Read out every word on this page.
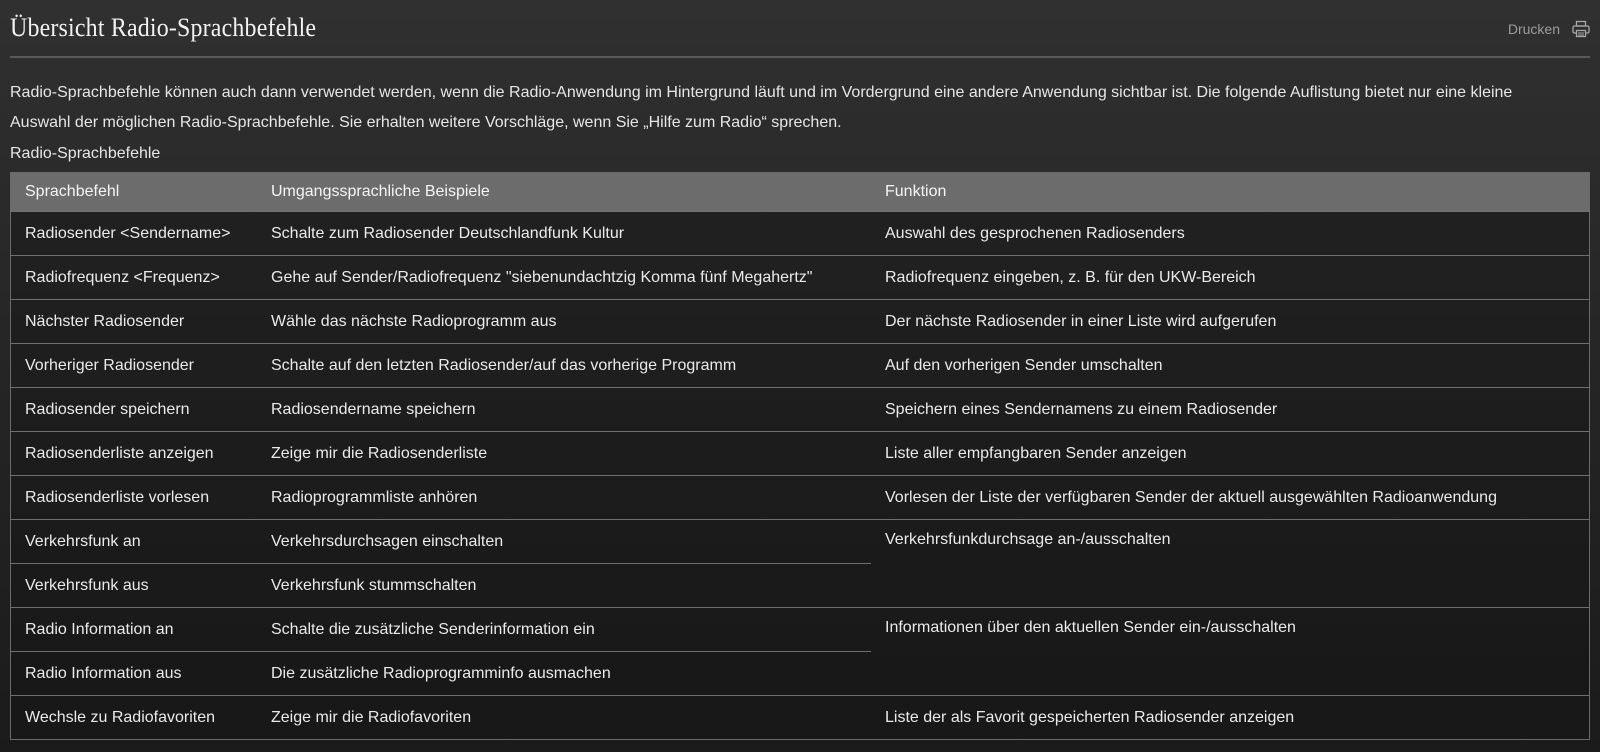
Übersicht Radio-Sprachbefehle	Drucken
Radio-Sprachbefehle können auch dann verwendet werden, wenn die Radio-Anwendung im Hintergrund läuft und im Vordergrund eine andere Anwendung sichtbar ist. Die folgende Auflistung bietet nur eine kleine Auswahl der möglichen Radio-Sprachbefehle. Sie erhalten weitere Vorschläge, wenn Sie „Hilfe zum Radio“ sprechen.
Radio-Sprachbefehle
Sprachbefehl	Umgangssprachliche Beispiele	Funktion
Radiosender <Sendername>	Schalte zum Radiosender Deutschlandfunk Kultur	Auswahl des gesprochenen Radiosenders
Radiofrequenz <Frequenz>	Gehe auf Sender/Radiofrequenz "siebenundachtzig Komma fünf Megahertz"	Radiofrequenz eingeben, z. B. für den UKW-Bereich
Nächster Radiosender	Wähle das nächste Radioprogramm aus	Der nächste Radiosender in einer Liste wird aufgerufen
Vorheriger Radiosender	Schalte auf den letzten Radiosender/auf das vorherige Programm	Auf den vorherigen Sender umschalten
Radiosender speichern	Radiosendername speichern	Speichern eines Sendernamens zu einem Radiosender
Radiosenderliste anzeigen	Zeige mir die Radiosenderliste	Liste aller empfangbaren Sender anzeigen
Radiosenderliste vorlesen	Radioprogrammliste anhören	Vorlesen der Liste der verfügbaren Sender der aktuell ausgewählten Radioanwendung
Verkehrsfunk an	Verkehrsdurchsagen einschalten	Verkehrsfunkdurchsage an-/ausschalten
Verkehrsfunk aus	Verkehrsfunk stummschalten	
Radio Information an	Schalte die zusätzliche Senderinformation ein	Informationen über den aktuellen Sender ein-/ausschalten
Radio Information aus	Die zusätzliche Radioprogramminfo ausmachen	
Wechsle zu Radiofavoriten	Zeige mir die Radiofavoriten	Liste der als Favorit gespeicherten Radiosender anzeigen
